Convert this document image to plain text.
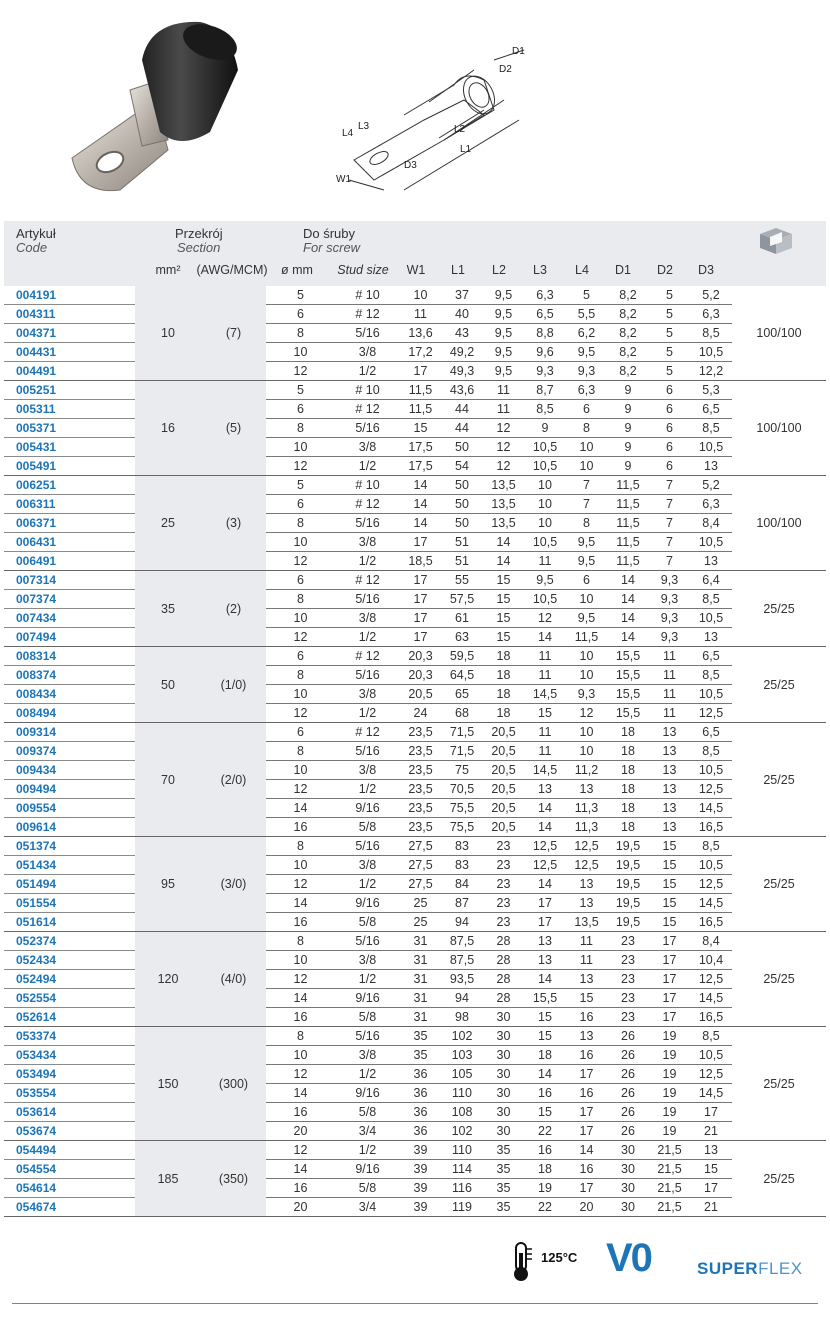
D1
D2
L1
L2
L3
L4
W1
D3
Artykuł
Code
Przekrój
Section
Do śruby
For screw
mm² (AWG/MCM) ø mm Stud size W1 L1 L2 L3 L4 D1 D2 D3
004191	10	(7)	5	# 10	10	37	9,5	6,3	5	8,2	5	5,2	100/100
004311			6	# 12	11	40	9,5	6,5	5,5	8,2	5	6,3	
004371			8	5/16	13,6	43	9,5	8,8	6,2	8,2	5	8,5	
004431			10	3/8	17,2	49,2	9,5	9,6	9,5	8,2	5	10,5	
004491			12	1/2	17	49,3	9,5	9,3	9,3	8,2	5	12,2	
005251	16	(5)	5	# 10	11,5	43,6	11	8,7	6,3	9	6	5,3	100/100
005311			6	# 12	11,5	44	11	8,5	6	9	6	6,5	
005371			8	5/16	15	44	12	9	8	9	6	8,5	
005431			10	3/8	17,5	50	12	10,5	10	9	6	10,5	
005491			12	1/2	17,5	54	12	10,5	10	9	6	13	
006251	25	(3)	5	# 10	14	50	13,5	10	7	11,5	7	5,2	100/100
006311			6	# 12	14	50	13,5	10	7	11,5	7	6,3	
006371			8	5/16	14	50	13,5	10	8	11,5	7	8,4	
006431			10	3/8	17	51	14	10,5	9,5	11,5	7	10,5	
006491			12	1/2	18,5	51	14	11	9,5	11,5	7	13	
007314	35	(2)	6	# 12	17	55	15	9,5	6	14	9,3	6,4	25/25
007374			8	5/16	17	57,5	15	10,5	10	14	9,3	8,5	
007434			10	3/8	17	61	15	12	9,5	14	9,3	10,5	
007494			12	1/2	17	63	15	14	11,5	14	9,3	13	
008314	50	(1/0)	6	# 12	20,3	59,5	18	11	10	15,5	11	6,5	25/25
008374			8	5/16	20,3	64,5	18	11	10	15,5	11	8,5	
008434			10	3/8	20,5	65	18	14,5	9,3	15,5	11	10,5	
008494			12	1/2	24	68	18	15	12	15,5	11	12,5	
009314	70	(2/0)	6	# 12	23,5	71,5	20,5	11	10	18	13	6,5	25/25
009374			8	5/16	23,5	71,5	20,5	11	10	18	13	8,5	
009434			10	3/8	23,5	75	20,5	14,5	11,2	18	13	10,5	
009494			12	1/2	23,5	70,5	20,5	13	13	18	13	12,5	
009554			14	9/16	23,5	75,5	20,5	14	11,3	18	13	14,5	
009614			16	5/8	23,5	75,5	20,5	14	11,3	18	13	16,5	
051374	95	(3/0)	8	5/16	27,5	83	23	12,5	12,5	19,5	15	8,5	25/25
051434			10	3/8	27,5	83	23	12,5	12,5	19,5	15	10,5	
051494			12	1/2	27,5	84	23	14	13	19,5	15	12,5	
051554			14	9/16	25	87	23	17	13	19,5	15	14,5	
051614			16	5/8	25	94	23	17	13,5	19,5	15	16,5	
052374	120	(4/0)	8	5/16	31	87,5	28	13	11	23	17	8,4	25/25
052434			10	3/8	31	87,5	28	13	11	23	17	10,4	
052494			12	1/2	31	93,5	28	14	13	23	17	12,5	
052554			14	9/16	31	94	28	15,5	15	23	17	14,5	
052614			16	5/8	31	98	30	15	16	23	17	16,5	
053374	150	(300)	8	5/16	35	102	30	15	13	26	19	8,5	25/25
053434			10	3/8	35	103	30	18	16	26	19	10,5	
053494			12	1/2	36	105	30	14	17	26	19	12,5	
053554			14	9/16	36	110	30	16	16	26	19	14,5	
053614			16	5/8	36	108	30	15	17	26	19	17	
053674			20	3/4	36	102	30	22	17	26	19	21	
054494	185	(350)	12	1/2	39	110	35	16	14	30	21,5	13	25/25
054554			14	9/16	39	114	35	18	16	30	21,5	15	
054614			16	5/8	39	116	35	19	17	30	21,5	17	
054674			20	3/4	39	119	35	22	20	30	21,5	21	
125°C V0	SUPERFLEX
